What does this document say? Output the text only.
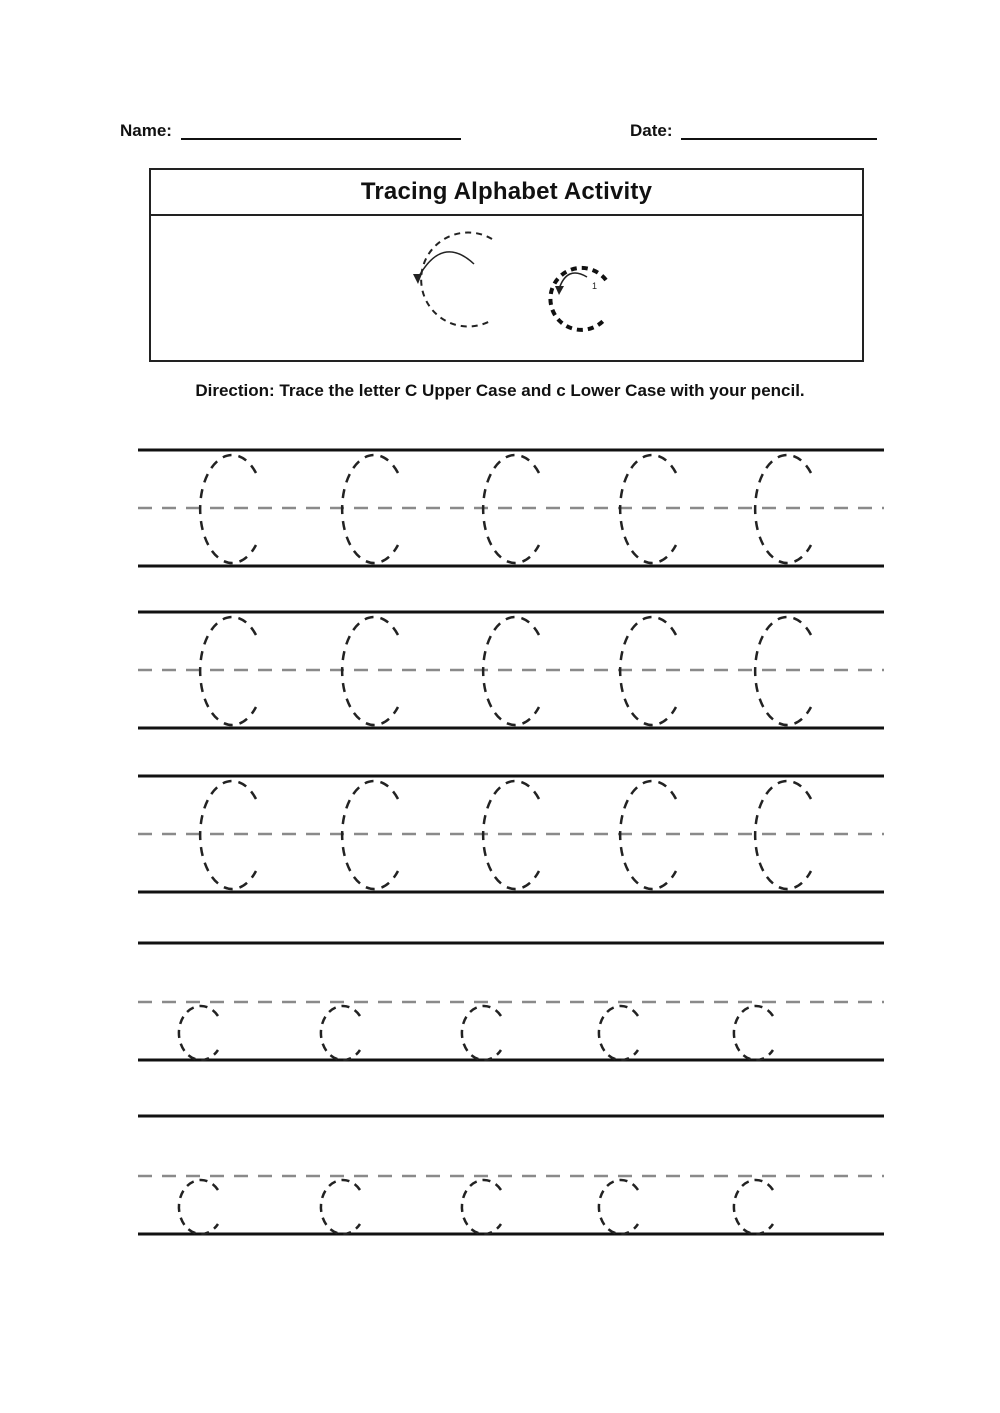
Name:	Date:
Tracing Alphabet Activity
1
Direction: Trace the letter C Upper Case and c Lower Case with your pencil.
